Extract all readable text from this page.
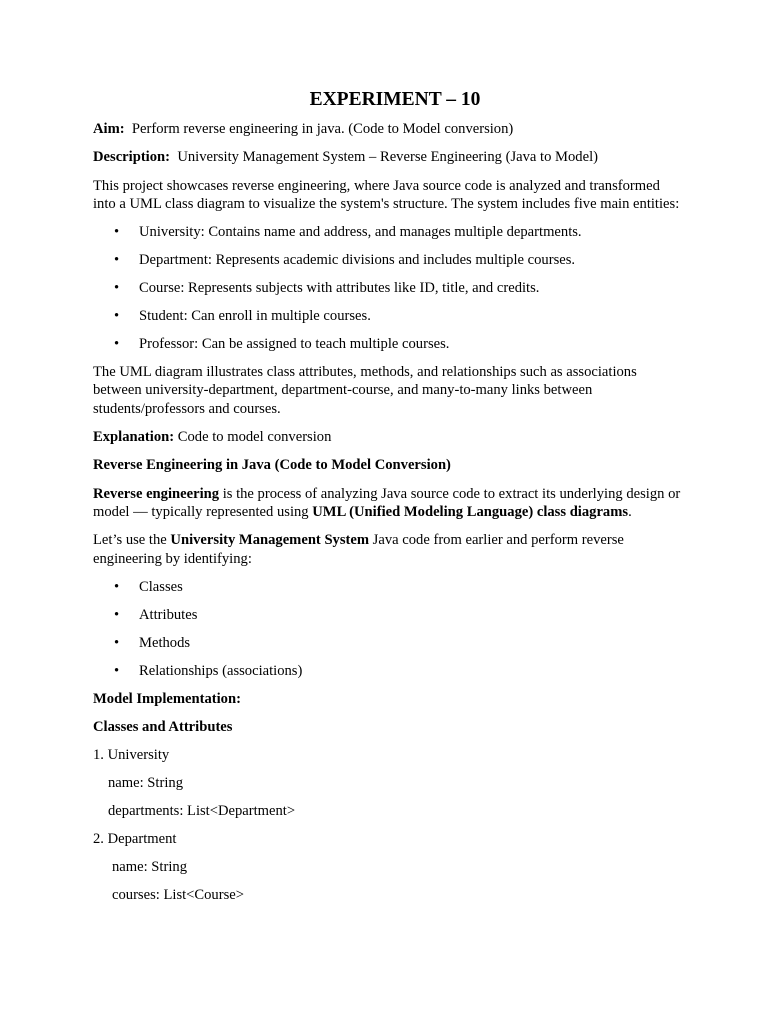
EXPERIMENT – 10

Aim: Perform reverse engineering in java. (Code to Model conversion)

Description: University Management System – Reverse Engineering (Java to Model)

This project showcases reverse engineering, where Java source code is analyzed and transformed into a UML class diagram to visualize the system's structure. The system includes five main entities:

• University: Contains name and address, and manages multiple departments.
• Department: Represents academic divisions and includes multiple courses.
• Course: Represents subjects with attributes like ID, title, and credits.
• Student: Can enroll in multiple courses.
• Professor: Can be assigned to teach multiple courses.

The UML diagram illustrates class attributes, methods, and relationships such as associations between university-department, department-course, and many-to-many links between students/professors and courses.

Explanation: Code to model conversion

Reverse Engineering in Java (Code to Model Conversion)

Reverse engineering is the process of analyzing Java source code to extract its underlying design or model — typically represented using UML (Unified Modeling Language) class diagrams.

Let’s use the University Management System Java code from earlier and perform reverse engineering by identifying:

• Classes
• Attributes
• Methods
• Relationships (associations)

Model Implementation:

Classes and Attributes

1. University
name: String
departments: List<Department>
2. Department
name: String
courses: List<Course>
